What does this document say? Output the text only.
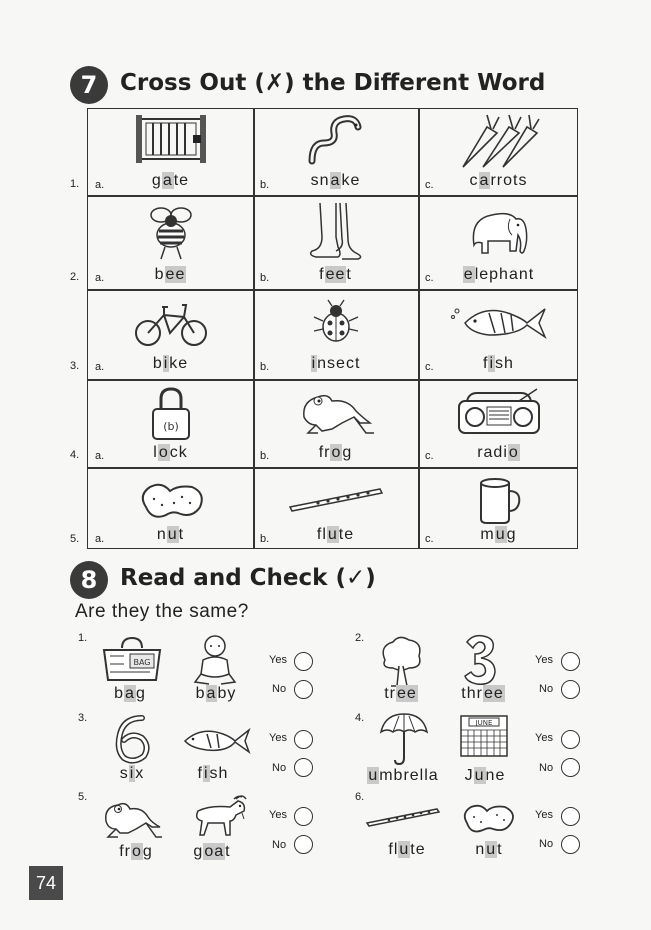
7 Cross Out (✗) the Different Word
a.	gate	b.	snake	c.	carrots
a.	bee	b.	feet	c.	elephant
a.	bike	b.	insect	c.	fish
(b)
a.	lock	b.	frog	c.	radio
a.	nut	b.	flute	c.	mug
1.
2.
3.
4.
5.
8 Read and Check (✓)
Are they the same?
1.
BAG
bag	baby
Yes
No
2.
tree	three
Yes
No
3.
six	fish
Yes
No
4.	JUNE
umbrella	June
Yes
No
5.
frog	goat
Yes
No
6.
flute	nut
Yes
No
74
